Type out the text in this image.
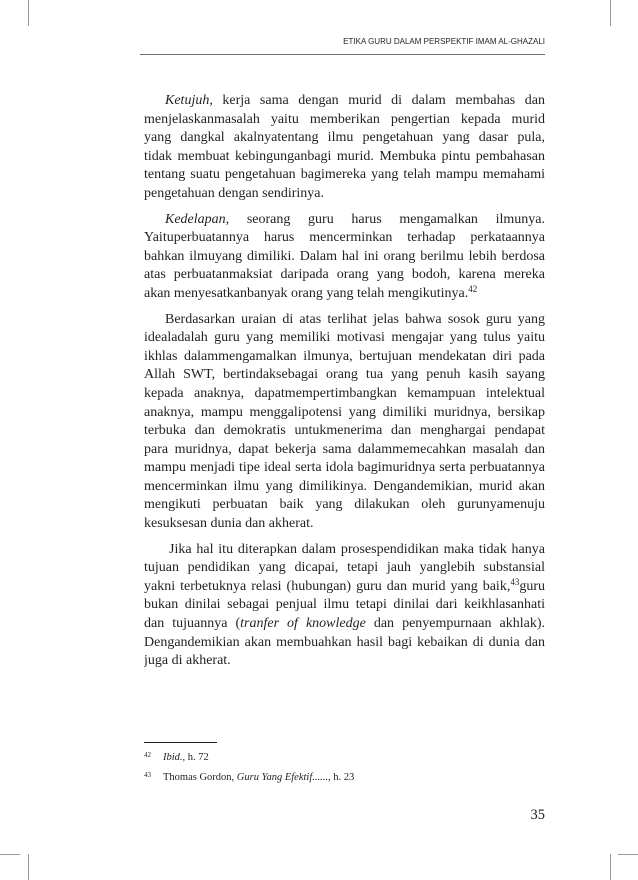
ETIKA GURU DALAM PERSPEKTIF IMAM AL-GHAZALI
Ketujuh, kerja sama dengan murid di dalam membahas dan
menjelaskanmasalah yaitu memberikan pengertian kepada murid
yang dangkal akalnyatentang ilmu pengetahuan yang dasar pula,
tidak membuat kebingunganbagi murid. Membuka pintu pembahasan
tentang suatu pengetahuan bagimereka yang telah mampu memahami
pengetahuan dengan sendirinya.
Kedelapan, seorang guru harus mengamalkan ilmunya.
Yaituperbuatannya harus mencerminkan terhadap perkataannya
bahkan ilmuyang dimiliki. Dalam hal ini orang berilmu lebih berdosa
atas perbuatanmaksiat daripada orang yang bodoh, karena mereka
akan menyesatkanbanyak orang yang telah mengikutinya.$^{42}$
Berdasarkan uraian di atas terlihat jelas bahwa sosok guru yang
idealadalah guru yang memiliki motivasi mengajar yang tulus yaitu
ikhlas dalammengamalkan ilmunya, bertujuan mendekatan diri pada
Allah SWT, bertindaksebagai orang tua yang penuh kasih sayang
kepada anaknya, dapatmempertimbangkan kemampuan intelektual
anaknya, mampu menggalipotensi yang dimiliki muridnya, bersikap
terbuka dan demokratis untukmenerima dan menghargai pendapat
para muridnya, dapat bekerja sama dalammemecahkan masalah dan
mampu menjadi tipe ideal serta idola bagimuridnya serta perbuatannya
mencerminkan ilmu yang dimilikinya. Dengandemikian, murid akan
mengikuti perbuatan baik yang dilakukan oleh gurunyamenuju
kesuksesan dunia dan akherat.
Jika hal itu diterapkan dalam prosespendidikan maka tidak hanya
tujuan pendidikan yang dicapai, tetapi jauh yanglebih substansial
yakni terbetuknya relasi (hubungan) guru dan murid yang baik,$^{43}$guru
bukan dinilai sebagai penjual ilmu tetapi dinilai dari keikhlasanhati
dan tujuannya (tranfer of knowledge dan penyempurnaan akhlak).
Dengandemikian akan membuahkan hasil bagi kebaikan di dunia dan
juga di akherat.
42 Ibid., h. 72
43 Thomas Gordon, Guru Yang Efektif......, h. 23
35
